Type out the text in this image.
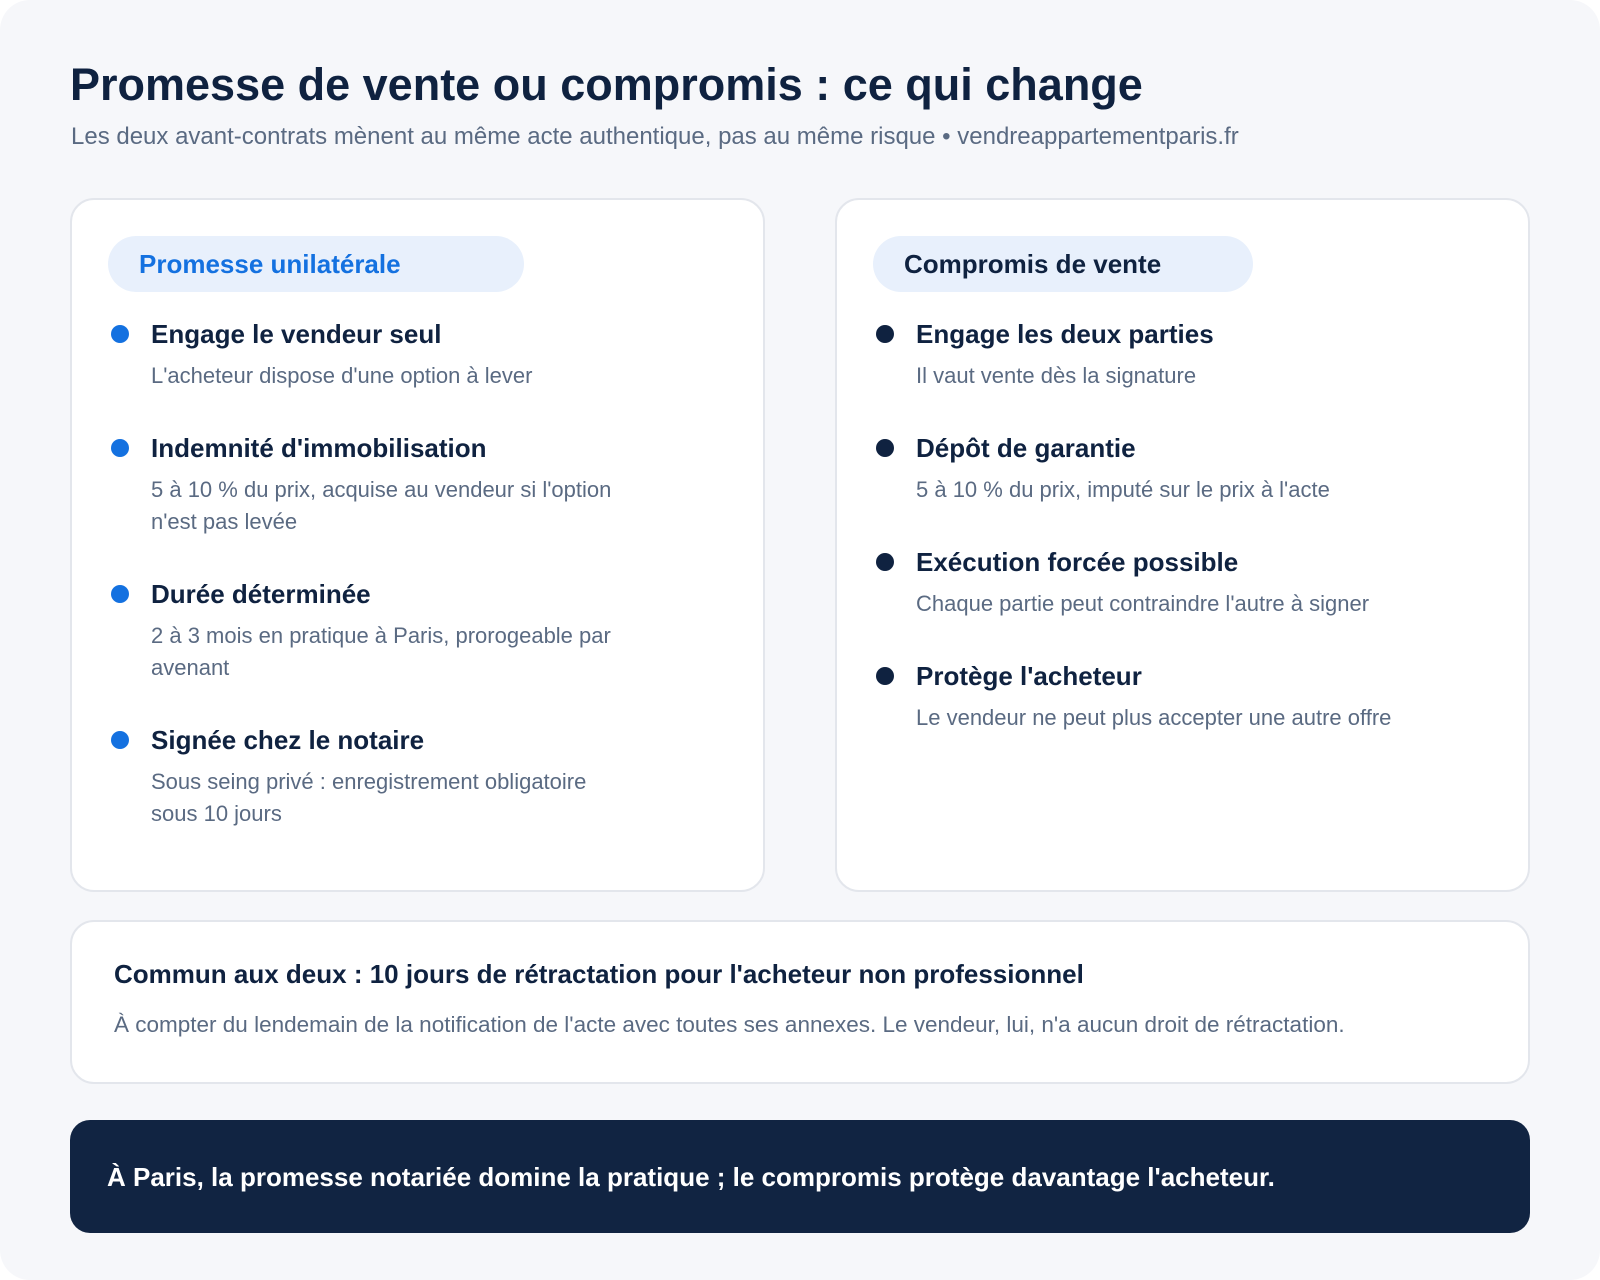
Promesse de vente ou compromis : ce qui change

Les deux avant-contrats mènent au même acte authentique, pas au même risque • vendreappartementparis.fr

Promesse unilatérale
Engage le vendeur seul
L'acheteur dispose d'une option à lever
Indemnité d'immobilisation
5 à 10 % du prix, acquise au vendeur si l'option n'est pas levée
Durée déterminée
2 à 3 mois en pratique à Paris, prorogeable par avenant
Signée chez le notaire
Sous seing privé : enregistrement obligatoire sous 10 jours
Compromis de vente
Engage les deux parties
Il vaut vente dès la signature
Dépôt de garantie
5 à 10 % du prix, imputé sur le prix à l'acte
Exécution forcée possible
Chaque partie peut contraindre l'autre à signer
Protège l'acheteur
Le vendeur ne peut plus accepter une autre offre
Commun aux deux : 10 jours de rétractation pour l'acheteur non professionnel
À compter du lendemain de la notification de l'acte avec toutes ses annexes. Le vendeur, lui, n'a aucun droit de rétractation.
À Paris, la promesse notariée domine la pratique ; le compromis protège davantage l'acheteur.
